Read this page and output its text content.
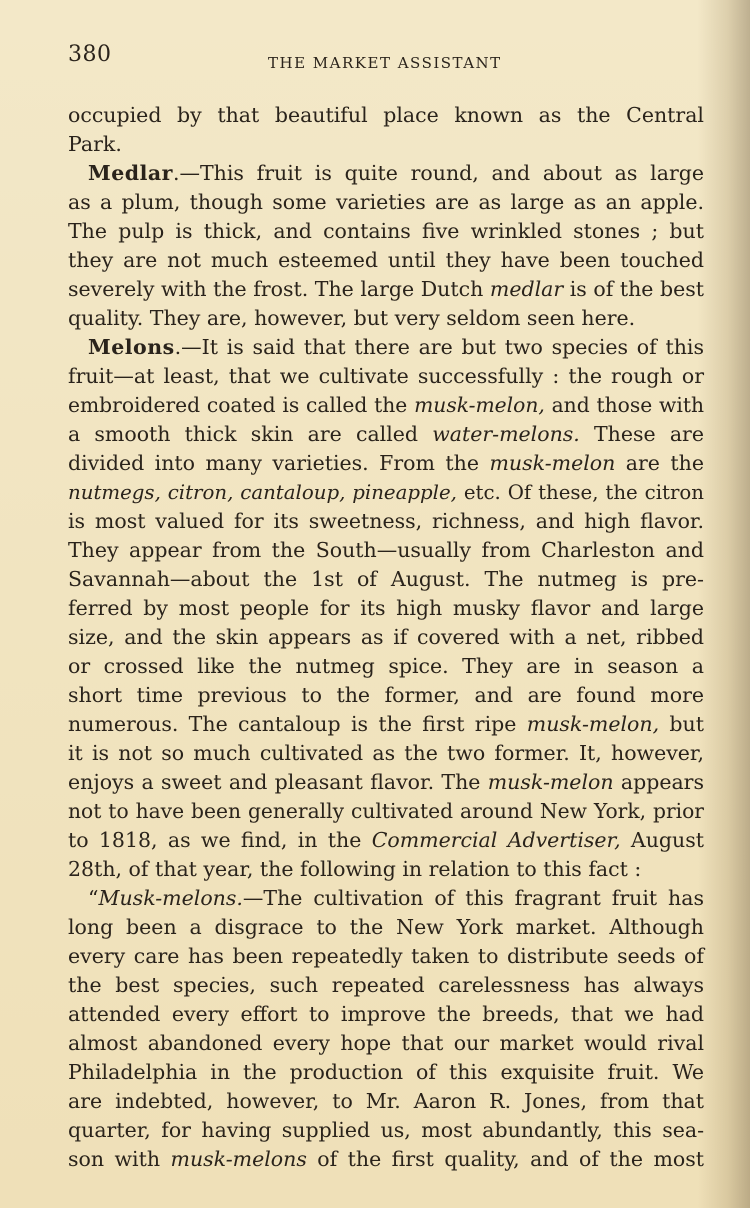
380	THE MARKET ASSISTANT
occupied by that beautiful place known as the Central
Park.
Medlar.—This fruit is quite round, and about as large
as a plum, though some varieties are as large as an apple.
The pulp is thick, and contains five wrinkled stones ; but
they are not much esteemed until they have been touched
severely with the frost. The large Dutch medlar is of the best
quality. They are, however, but very seldom seen here.
Melons.—It is said that there are but two species of this
fruit—at least, that we cultivate successfully : the rough or
embroidered coated is called the musk-melon, and those with
a smooth thick skin are called water-melons. These are
divided into many varieties. From the musk-melon are the
nutmegs, citron, cantaloup, pineapple, etc. Of these, the citron
is most valued for its sweetness, richness, and high flavor.
They appear from the South—usually from Charleston and
Savannah—about the 1st of August. The nutmeg is pre-
ferred by most people for its high musky flavor and large
size, and the skin appears as if covered with a net, ribbed
or crossed like the nutmeg spice. They are in season a
short time previous to the former, and are found more
numerous. The cantaloup is the first ripe musk-melon, but
it is not so much cultivated as the two former. It, however,
enjoys a sweet and pleasant flavor. The musk-melon appears
not to have been generally cultivated around New York, prior
to 1818, as we find, in the Commercial Advertiser, August
28th, of that year, the following in relation to this fact :
“Musk-melons.—The cultivation of this fragrant fruit has
long been a disgrace to the New York market. Although
every care has been repeatedly taken to distribute seeds of
the best species, such repeated carelessness has always
attended every effort to improve the breeds, that we had
almost abandoned every hope that our market would rival
Philadelphia in the production of this exquisite fruit. We
are indebted, however, to Mr. Aaron R. Jones, from that
quarter, for having supplied us, most abundantly, this sea-
son with musk-melons of the first quality, and of the most
